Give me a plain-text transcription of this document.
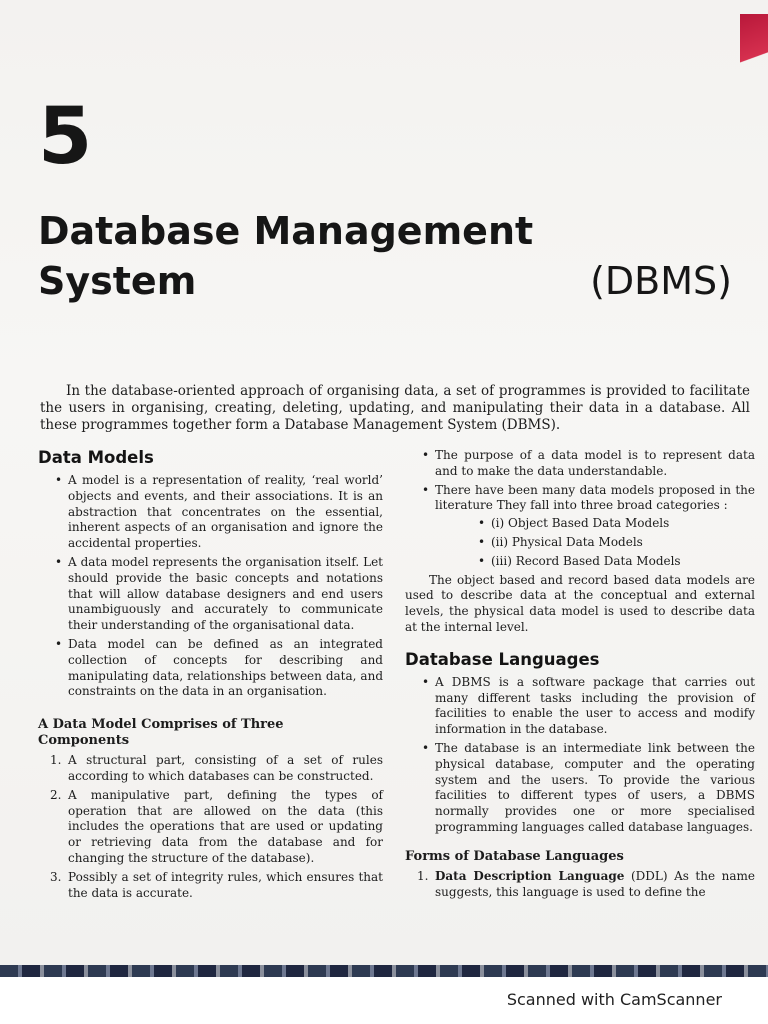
5
Database Management System	(DBMS)

In the database-oriented approach of organising data, a set of programmes is provided to facilitate the users in organising, creating, deleting, updating, and manipulating their data in a database. All these programmes together form a Database Management System (DBMS).

Data Models
• A model is a representation of reality, ‘real world’ objects and events, and their associations. It is an abstraction that concentrates on the essential, inherent aspects of an organisation and ignore the accidental properties.
• A data model represents the organisation itself. Let should provide the basic concepts and notations that will allow database designers and end users unambiguously and accurately to communicate their understanding of the organisational data.
• Data model can be defined as an integrated collection of concepts for describing and manipulating data, relationships between data, and constraints on the data in an organisation.
A Data Model Comprises of Three Components
1. A structural part, consisting of a set of rules according to which databases can be constructed.
2. A manipulative part, defining the types of operation that are allowed on the data (this includes the operations that are used or updating or retrieving data from the database and for changing the structure of the database).
3. Possibly a set of integrity rules, which ensures that the data is accurate.
• The purpose of a data model is to represent data and to make the data understandable.
• There have been many data models proposed in the literature They fall into three broad categories :
• (i) Object Based Data Models
• (ii) Physical Data Models
• (iii) Record Based Data Models

The object based and record based data models are used to describe data at the conceptual and external levels, the physical data model is used to describe data at the internal level.

Database Languages
• A DBMS is a software package that carries out many different tasks including the provision of facilities to enable the user to access and modify information in the database.
• The database is an intermediate link between the physical database, computer and the operating system and the users. To provide the various facilities to different types of users, a DBMS normally provides one or more specialised programming languages called database languages.
Forms of Database Languages
1. Data Description Language (DDL) As the name suggests, this language is used to define the
Scanned with CamScanner
